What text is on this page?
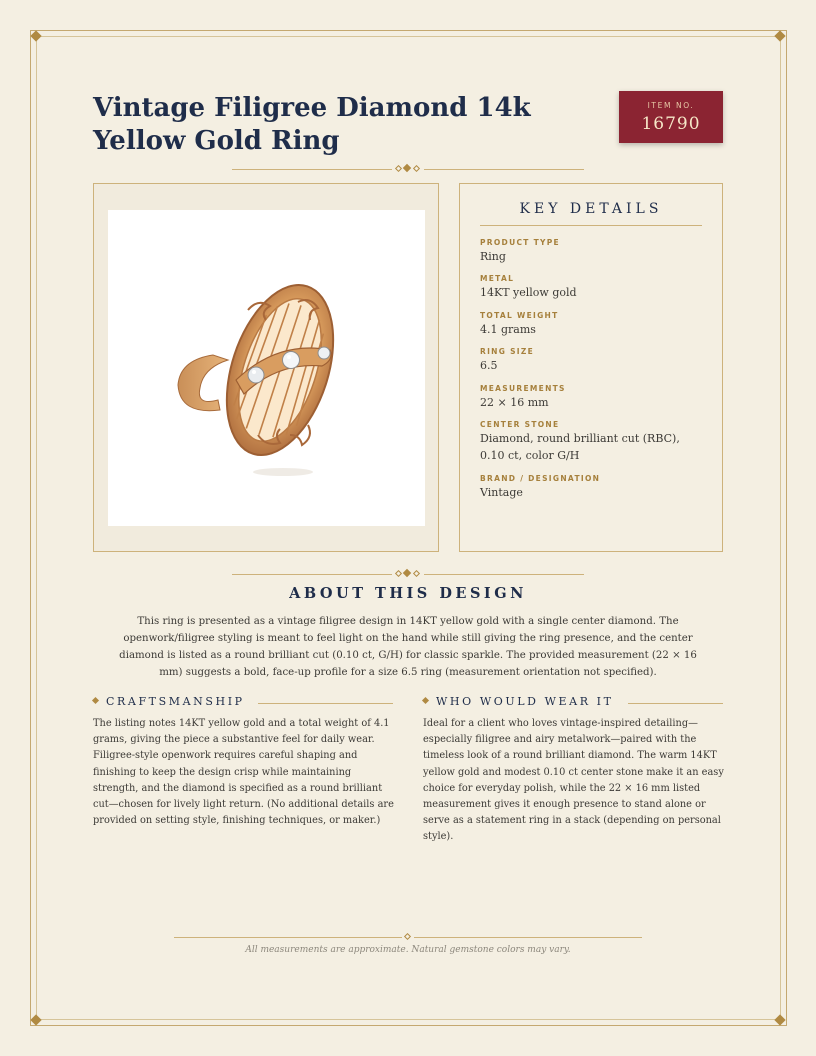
Vintage Filigree Diamond 14k Yellow Gold Ring
ITEM NO.
16790
KEY DETAILS
PRODUCT TYPE
Ring
METAL
14KT yellow gold
TOTAL WEIGHT
4.1 grams
RING SIZE
6.5
MEASUREMENTS
22 × 16 mm
CENTER STONE
Diamond, round brilliant cut (RBC), 0.10 ct, color G/H
BRAND / DESIGNATION
Vintage
ABOUT THIS DESIGN

This ring is presented as a vintage filigree design in 14KT yellow gold with a single center diamond. The openwork/filigree styling is meant to feel light on the hand while still giving the ring presence, and the center diamond is listed as a round brilliant cut (0.10 ct, G/H) for classic sparkle. The provided measurement (22 × 16 mm) suggests a bold, face-up profile for a size 6.5 ring (measurement orientation not specified).

CRAFTSMANSHIP

The listing notes 14KT yellow gold and a total weight of 4.1 grams, giving the piece a substantive feel for daily wear. Filigree-style openwork requires careful shaping and finishing to keep the design crisp while maintaining strength, and the diamond is specified as a round brilliant cut—chosen for lively light return. (No additional details are provided on setting style, finishing techniques, or maker.)

WHO WOULD WEAR IT

Ideal for a client who loves vintage-inspired detailing—especially filigree and airy metalwork—paired with the timeless look of a round brilliant diamond. The warm 14KT yellow gold and modest 0.10 ct center stone make it an easy choice for everyday polish, while the 22 × 16 mm listed measurement gives it enough presence to stand alone or serve as a statement ring in a stack (depending on personal style).

All measurements are approximate. Natural gemstone colors may vary.
